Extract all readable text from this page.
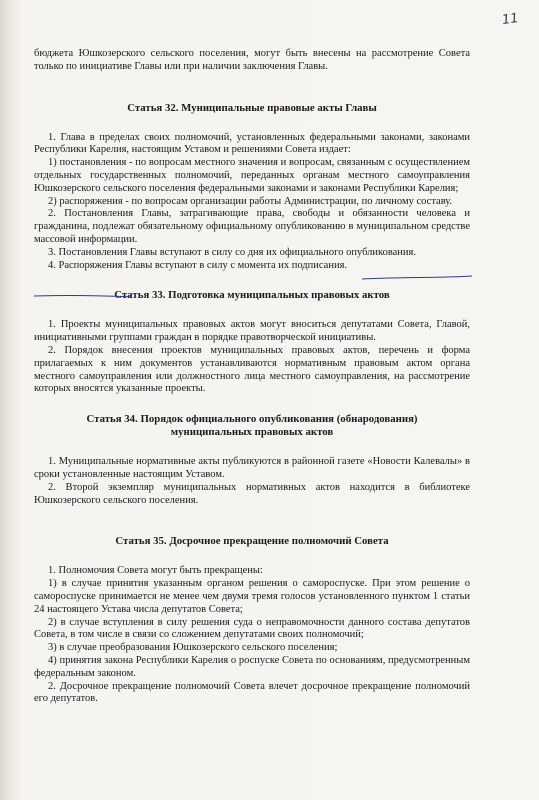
11

бюджета Юшкозерского сельского поселения, могут быть внесены на рассмотрение Совета только по инициативе Главы или при наличии заключения Главы.

Статья 32. Муниципальные правовые акты Главы

1. Глава в пределах своих полномочий, установленных федеральными законами, законами Республики Карелия, настоящим Уставом и решениями Совета издает:

1) постановления - по вопросам местного значения и вопросам, связанным с осуществлением отдельных государственных полномочий, переданных органам местного самоуправления Юшкозерского сельского поселения федеральными законами и законами Республики Карелия;

2) распоряжения - по вопросам организации работы Администрации, по личному составу.

2. Постановления Главы, затрагивающие права, свободы и обязанности человека и гражданина, подлежат обязательному официальному опубликованию в муниципальном средстве массовой информации.

3. Постановления Главы вступают в силу со дня их официального опубликования.

4. Распоряжения Главы вступают в силу с момента их подписания.

Статья 33. Подготовка муниципальных правовых актов

1. Проекты муниципальных правовых актов могут вноситься депутатами Совета, Главой, инициативными группами граждан в порядке правотворческой инициативы.

2. Порядок внесения проектов муниципальных правовых актов, перечень и форма прилагаемых к ним документов устанавливаются нормативным правовым актом органа местного самоуправления или должностного лица местного самоуправления, на рассмотрение которых вносятся указанные проекты.

Статья 34. Порядок официального опубликования (обнародования)

муниципальных правовых актов

1. Муниципальные нормативные акты публикуются в районной газете «Новости Калевалы» в сроки установленные настоящим Уставом.

2. Второй экземпляр муниципальных нормативных актов находится в библиотеке Юшкозерского сельского поселения.

Статья 35. Досрочное прекращение полномочий Совета

1. Полномочия Совета могут быть прекращены:

1) в случае принятия указанным органом решения о самороспуске. При этом решение о самороспуске принимается не менее чем двумя тремя голосов установленного пунктом 1 статьи 24 настоящего Устава числа депутатов Совета;

2) в случае вступления в силу решения суда о неправомочности данного состава депутатов Совета, в том числе в связи со сложением депутатами своих полномочий;

3) в случае преобразования Юшкозерского сельского поселения;

4) принятия закона Республики Карелия о роспуске Совета по основаниям, предусмотренным федеральным законом.

2. Досрочное прекращение полномочий Совета влечет досрочное прекращение полномочий его депутатов.
